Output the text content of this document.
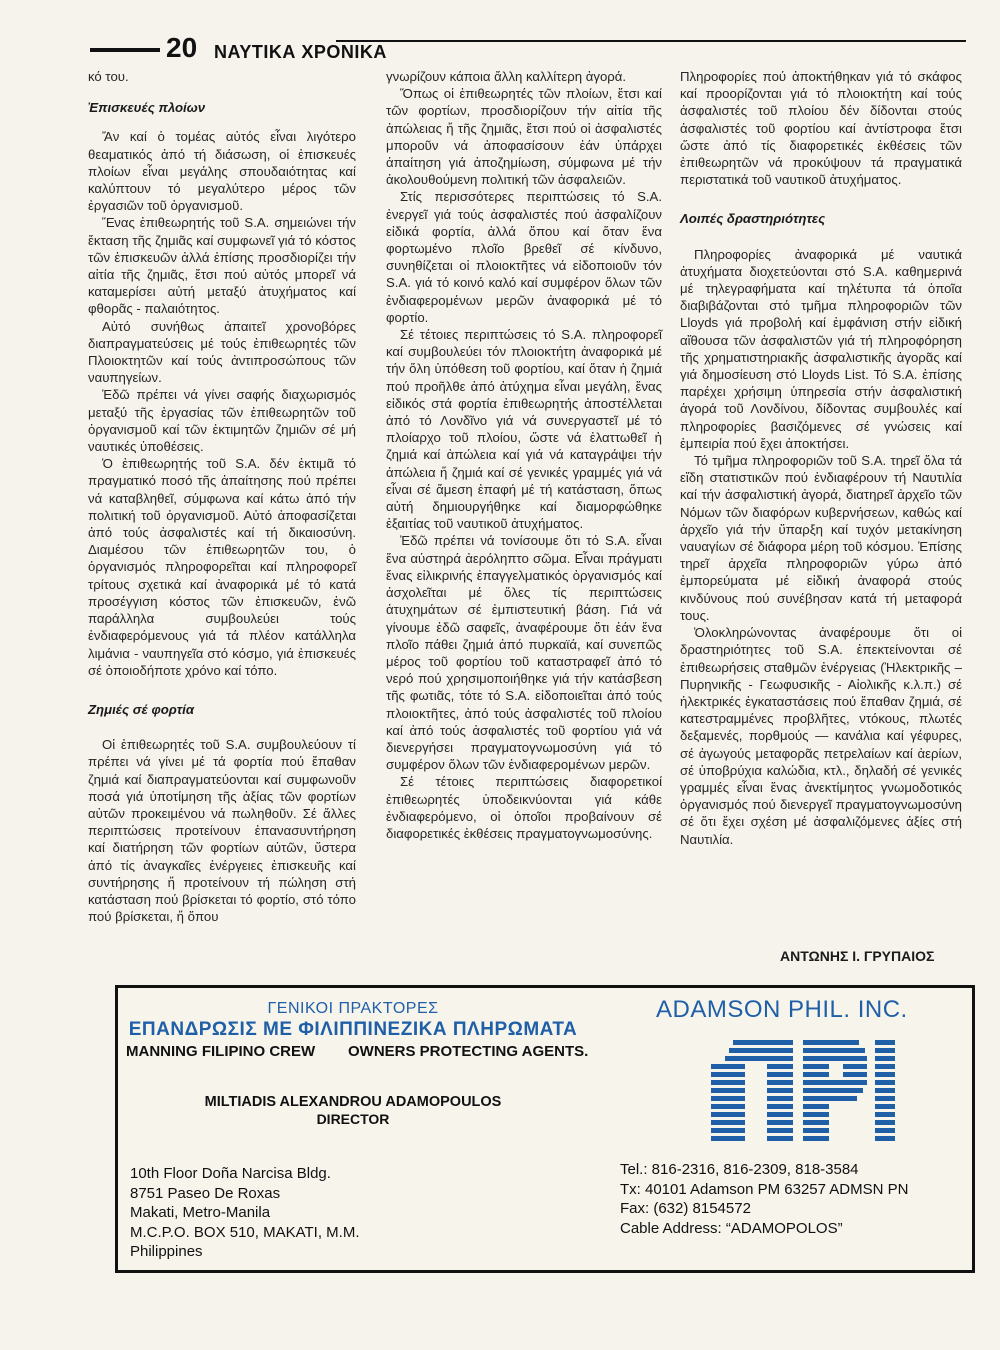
20 ΝΑΥΤΙΚΑ ΧΡΟΝΙΚΑ

κό του.

Ἐπισκευές πλοίων

Ἄν καί ὁ τομέας αὐτός εἶναι λιγότερο θεαματικός ἀπό τή διάσωση, οἱ ἐπισκευές πλοίων εἶναι μεγάλης σπουδαιότητας καί καλύπτουν τό μεγαλύτερο μέρος τῶν ἐργασιῶν τοῦ ὀργανισμοῦ.

Ἕνας ἐπιθεωρητής τοῦ S.A. σημειώνει τήν ἔκταση τῆς ζημιᾶς καί συμφωνεῖ γιά τό κόστος τῶν ἐπισκευῶν ἀλλά ἐπίσης προσδιορίζει τήν αἰτία τῆς ζημιᾶς, ἔτσι πού αὐτός μπορεῖ νά καταμερίσει αὐτή μεταξύ ἀτυχήματος καί φθορᾶς - παλαιότητος.

Αὐτό συνήθως ἀπαιτεῖ χρονοβόρες διαπραγματεύσεις μέ τούς ἐπιθεωρητές τῶν Πλοιοκτητῶν καί τούς ἀντιπροσώπους τῶν ναυπηγείων.

Ἐδῶ πρέπει νά γίνει σαφής διαχωρισμός μεταξύ τῆς ἐργασίας τῶν ἐπιθεωρητῶν τοῦ ὀργανισμοῦ καί τῶν ἐκτιμητῶν ζημιῶν σέ μή ναυτικές ὑποθέσεις.

Ὁ ἐπιθεωρητής τοῦ S.A. δέν ἐκτιμᾶ τό πραγματικό ποσό τῆς ἀπαίτησης πού πρέπει νά καταβληθεῖ, σύμφωνα καί κάτω ἀπό τήν πολιτική τοῦ ὀργανισμοῦ. Αὐτό ἀποφασίζεται ἀπό τούς ἀσφαλιστές καί τή δικαιοσύνη. Διαμέσου τῶν ἐπιθεωρητῶν του, ὁ ὀργανισμός πληροφορεῖται καί πληροφορεῖ τρίτους σχετικά καί ἀναφορικά μέ τό κατά προσέγγιση κόστος τῶν ἐπισκευῶν, ἐνῶ παράλληλα συμβουλεύει τούς ἐνδιαφερόμενους γιά τά πλέον κατάλληλα λιμάνια - ναυπηγεῖα στό κόσμο, γιά ἐπισκευές σέ ὁποιοδήποτε χρόνο καί τόπο.

Ζημιές σέ φορτία

Οἱ ἐπιθεωρητές τοῦ S.A. συμβουλεύουν τί πρέπει νά γίνει μέ τά φορτία πού ἔπαθαν ζημιά καί διαπραγματεύονται καί συμφωνοῦν ποσά γιά ὑποτίμηση τῆς ἀξίας τῶν φορτίων αὐτῶν προκειμένου νά πωληθοῦν. Σέ ἄλλες περιπτώσεις προτείνουν ἐπανασυντήρηση καί διατήρηση τῶν φορτίων αὐτῶν, ὕστερα ἀπό τίς ἀναγκαῖες ἐνέργειες ἐπισκευῆς καί συντήρησης ἤ προτείνουν τή πώληση στή κατάσταση πού βρίσκεται τό φορτίο, στό τόπο πού βρίσκεται, ἤ ὅπου

γνωρίζουν κάποια ἄλλη καλλίτερη ἀγορά.

Ὅπως οἱ ἐπιθεωρητές τῶν πλοίων, ἔτσι καί τῶν φορτίων, προσδιορίζουν τήν αἰτία τῆς ἀπώλειας ἤ τῆς ζημιᾶς, ἔτσι πού οἱ ἀσφαλιστές μποροῦν νά ἀποφασίσουν ἐάν ὑπάρχει ἀπαίτηση γιά ἀποζημίωση, σύμφωνα μέ τήν ἀκολουθούμενη πολιτική τῶν ἀσφαλειῶν.

Στίς περισσότερες περιπτώσεις τό S.A. ἐνεργεῖ γιά τούς ἀσφαλιστές πού ἀσφαλίζουν εἰδικά φορτία, ἀλλά ὅπου καί ὅταν ἕνα φορτωμένο πλοῖο βρεθεῖ σέ κίνδυνο, συνηθίζεται οἱ πλοιοκτῆτες νά εἰδοποιοῦν τόν S.A. γιά τό κοινό καλό καί συμφέρον ὅλων τῶν ἐνδιαφερομένων μερῶν ἀναφορικά μέ τό φορτίο.

Σέ τέτοιες περιπτώσεις τό S.A. πληροφορεῖ καί συμβουλεύει τόν πλοιοκτήτη ἀναφορικά μέ τήν ὅλη ὑπόθεση τοῦ φορτίου, καί ὅταν ἡ ζημιά πού προῆλθε ἀπό ἀτύχημα εἶναι μεγάλη, ἕνας εἰδικός στά φορτία ἐπιθεωρητής ἀποστέλλεται ἀπό τό Λονδῖνο γιά νά συνεργαστεῖ μέ τό πλοίαρχο τοῦ πλοίου, ὥστε νά ἐλαττωθεῖ ἡ ζημιά καί ἀπώλεια καί γιά νά καταγράψει τήν ἀπώλεια ἤ ζημιά καί σέ γενικές γραμμές γιά νά εἶναι σέ ἄμεση ἐπαφή μέ τή κατάσταση, ὅπως αὐτή δημιουργήθηκε καί διαμορφώθηκε ἐξαιτίας τοῦ ναυτικοῦ ἀτυχήματος.

Ἐδῶ πρέπει νά τονίσουμε ὅτι τό S.A. εἶναι ἕνα αὐστηρά ἀερόληπτο σῶμα. Εἶναι πράγματι ἕνας εἰλικρινής ἐπαγγελματικός ὀργανισμός καί ἀσχολεῖται μέ ὅλες τίς περιπτώσεις ἀτυχημάτων σέ ἐμπιστευτική βάση. Γιά νά γίνουμε ἐδῶ σαφεῖς, ἀναφέρουμε ὅτι ἐάν ἕνα πλοῖο πάθει ζημιά ἀπό πυρκαϊά, καί συνεπῶς μέρος τοῦ φορτίου τοῦ καταστραφεῖ ἀπό τό νερό πού χρησιμοποιήθηκε γιά τήν κατάσβεση τῆς φωτιᾶς, τότε τό S.A. εἰδοποιεῖται ἀπό τούς πλοιοκτῆτες, ἀπό τούς ἀσφαλιστές τοῦ πλοίου καί ἀπό τούς ἀσφαλιστές τοῦ φορτίου γιά νά διενεργήσει πραγματογνωμοσύνη γιά τό συμφέρον ὅλων τῶν ἐνδιαφερομένων μερῶν.

Σέ τέτοιες περιπτώσεις διαφορετικοί ἐπιθεωρητές ὑποδεικνύονται γιά κάθε ἐνδιαφερόμενο, οἱ ὁποῖοι προβαίνουν σέ διαφορετικές ἐκθέσεις πραγματογνωμοσύνης.

Πληροφορίες πού ἀποκτήθηκαν γιά τό σκάφος καί προορίζονται γιά τό πλοιοκτήτη καί τούς ἀσφαλιστές τοῦ πλοίου δέν δίδονται στούς ἀσφαλιστές τοῦ φορτίου καί ἀντίστροφα ἔτσι ὥστε ἀπό τίς διαφορετικές ἐκθέσεις τῶν ἐπιθεωρητῶν νά προκύψουν τά πραγματικά περιστατικά τοῦ ναυτικοῦ ἀτυχήματος.

Λοιπές δραστηριότητες

Πληροφορίες ἀναφορικά μέ ναυτικά ἀτυχήματα διοχετεύονται στό S.A. καθημερινά μέ τηλεγραφήματα καί τηλέτυπα τά ὁποῖα διαβιβάζονται στό τμῆμα πληροφοριῶν τῶν Lloyds γιά προβολή καί ἐμφάνιση στήν εἰδική αἴθουσα τῶν ἀσφαλιστῶν γιά τή πληροφόρηση τῆς χρηματιστηριακῆς ἀσφαλιστικῆς ἀγορᾶς καί γιά δημοσίευση στό Lloyds List. Τό S.A. ἐπίσης παρέχει χρήσιμη ὑπηρεσία στήν ἀσφαλιστική ἀγορά τοῦ Λονδίνου, δίδοντας συμβουλές καί πληροφορίες βασιζόμενες σέ γνώσεις καί ἐμπειρία πού ἔχει ἀποκτήσει.

Τό τμῆμα πληροφοριῶν τοῦ S.A. τηρεῖ ὅλα τά εἴδη στατιστικῶν πού ἐνδιαφέρουν τή Ναυτιλία καί τήν ἀσφαλιστική ἀγορά, διατηρεῖ ἀρχεῖο τῶν Νόμων τῶν διαφόρων κυβερνήσεων, καθώς καί ἀρχεῖο γιά τήν ὕπαρξη καί τυχόν μετακίνηση ναυαγίων σέ διάφορα μέρη τοῦ κόσμου. Ἐπίσης τηρεῖ ἀρχεῖα πληροφοριῶν γύρω ἀπό ἐμπορεύματα μέ εἰδική ἀναφορά στούς κινδύνους πού συνέβησαν κατά τή μεταφορά τους.

Ὁλοκληρώνοντας ἀναφέρουμε ὅτι οἱ δραστηριότητες τοῦ S.A. ἐπεκτείνονται σέ ἐπιθεωρήσεις σταθμῶν ἐνέργειας (Ἠλεκτρικῆς – Πυρηνικῆς - Γεωφυσικῆς - Αἰολικῆς κ.λ.π.) σέ ἠλεκτρικές ἐγκαταστάσεις πού ἔπαθαν ζημιά, σέ κατεστραμμένες προβλῆτες, ντόκους, πλωτές δεξαμενές, πορθμούς — κανάλια καί γέφυρες, σέ ἀγωγούς μεταφορᾶς πετρελαίων καί ἀερίων, σέ ὑποβρύχια καλώδια, κτλ., δηλαδή σέ γενικές γραμμές εἶναι ἕνας ἀνεκτίμητος γνωμοδοτικός ὀργανισμός πού διενεργεῖ πραγματογνωμοσύνη σέ ὅτι ἔχει σχέση μέ ἀσφαλιζόμενες ἀξίες στή Ναυτιλία.

ΑΝΤΩΝΗΣ Ι. ΓΡΥΠΑΙΟΣ
ΓΕΝΙΚΟΙ ΠΡΑΚΤΟΡΕΣ
ΕΠΑΝΔΡΩΣΙΣ ΜΕ ΦΙΛΙΠΠΙΝΕΖΙΚΑ ΠΛΗΡΩΜΑΤΑ
MANNING FILIPINO CREW OWNERS PROTECTING AGENTS.
MILTIADIS ALEXANDROU ADAMOPOULOS
DIRECTOR
ADAMSON PHIL. INC.
10th Floor Doña Narcisa Bldg.
8751 Paseo De Roxas
Makati, Metro-Manila
M.C.P.O. BOX 510, MAKATI, M.M.
Philippines
Tel.: 816-2316, 816-2309, 818-3584
Tx: 40101 Adamson PM 63257 ADMSN PN
Fax: (632) 8154572
Cable Address: “ADAMOPOLOS”
